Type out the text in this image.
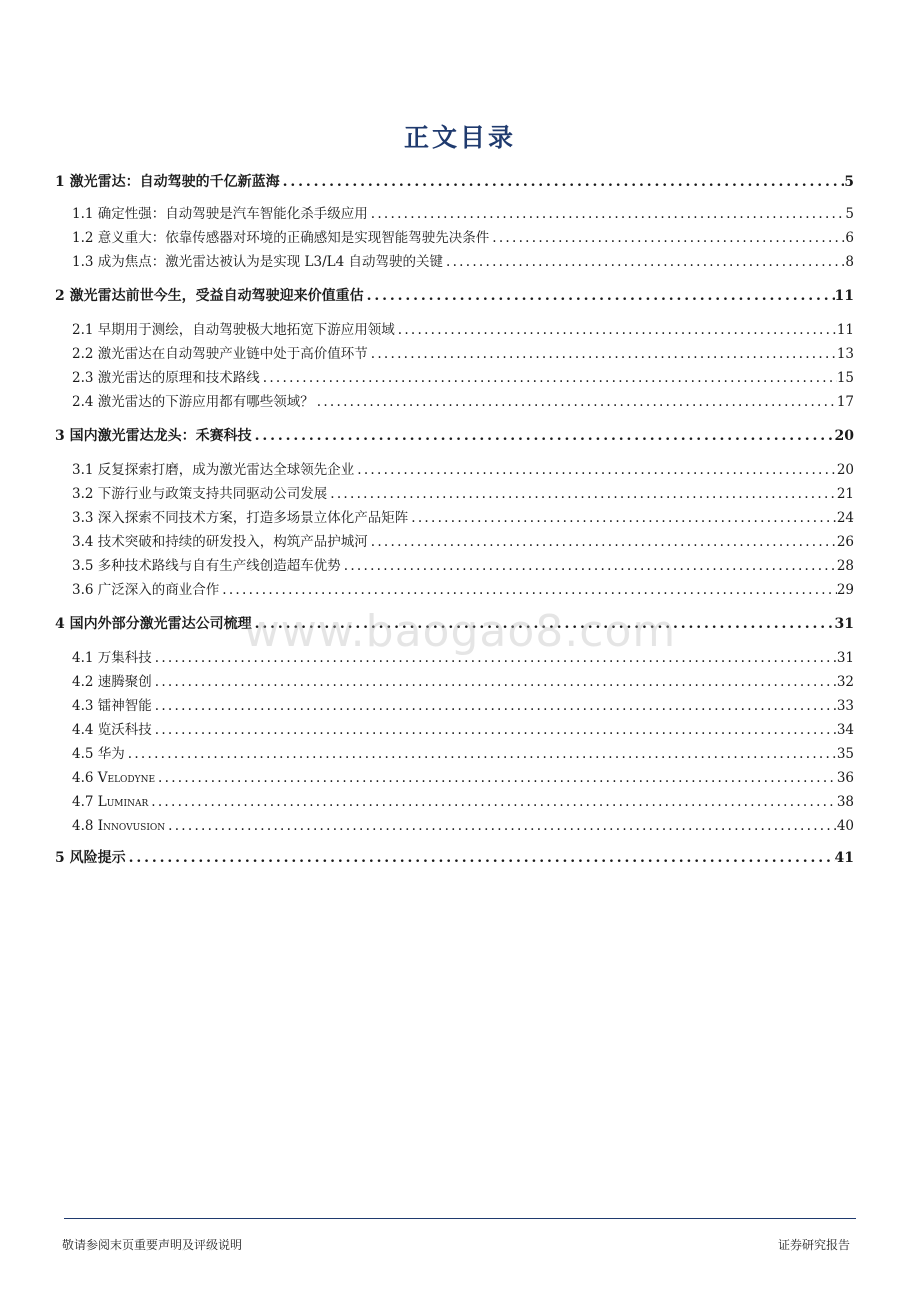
正文目录
1 激光雷达：自动驾驶的千亿新蓝海 . . .	5
1.1 确定性强：自动驾驶是汽车智能化杀手级应用 . . .	5
1.2 意义重大：依靠传感器对环境的正确感知是实现智能驾驶先决条件 . . .	6
1.3 成为焦点：激光雷达被认为是实现 L3/L4 自动驾驶的关键 . . .	8
2 激光雷达前世今生，受益自动驾驶迎来价值重估 . . .	11
2.1 早期用于测绘，自动驾驶极大地拓宽下游应用领域 . . .	11
2.2 激光雷达在自动驾驶产业链中处于高价值环节 . . .	13
2.3 激光雷达的原理和技术路线 . . .	15
2.4 激光雷达的下游应用都有哪些领域？ . . .	17
3 国内激光雷达龙头：禾赛科技 . . .	20
3.1 反复探索打磨，成为激光雷达全球领先企业 . . .	20
3.2 下游行业与政策支持共同驱动公司发展 . . .	21
3.3 深入探索不同技术方案，打造多场景立体化产品矩阵 . . .	24
3.4 技术突破和持续的研发投入，构筑产品护城河 . . .	26
3.5 多种技术路线与自有生产线创造超车优势 . . .	28
3.6 广泛深入的商业合作 . . .	29
4 国内外部分激光雷达公司梳理 . . .	31
4.1 万集科技 . . .	31
4.2 速腾聚创 . . .	32
4.3 镭神智能 . . .	33
4.4 览沃科技 . . .	34
4.5 华为 . . .	35
4.6 Velodyne . . .	36
4.7 Luminar . . .	38
4.8 Innovusion . . .	40
5 风险提示 . . .	41
www.baogao8.com
敬请参阅末页重要声明及评级说明	证券研究报告
